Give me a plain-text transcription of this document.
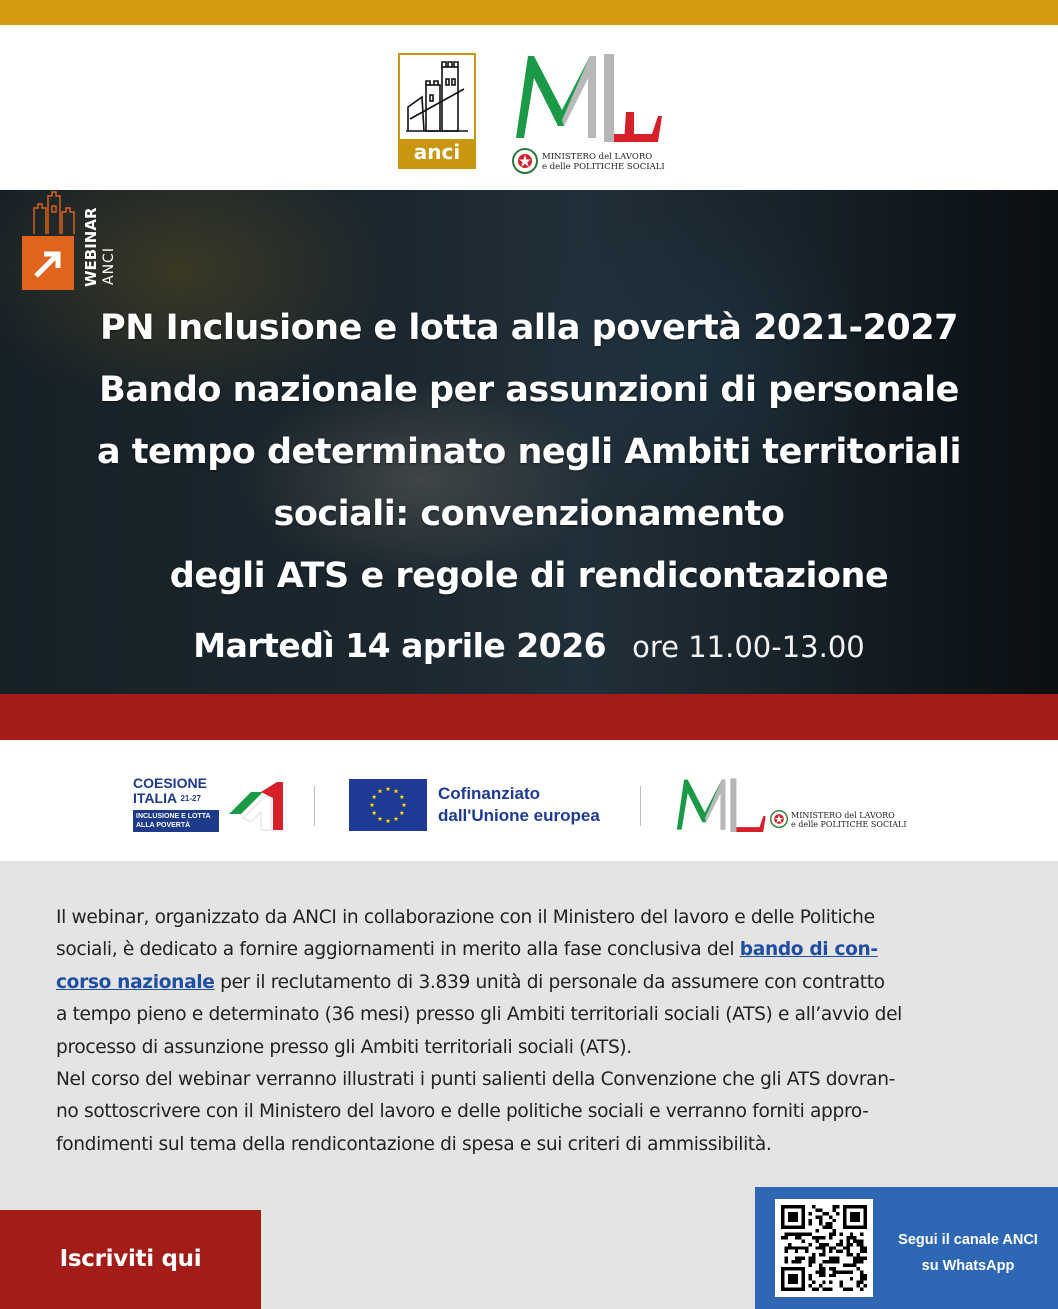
anci	MINISTERO del LAVORO
e delle POLITICHE SOCIALI
WEBINAR ANCI
PN Inclusione e lotta alla povertà 2021-2027
Bando nazionale per assunzioni di personale
a tempo determinato negli Ambiti territoriali
sociali: convenzionamento
degli ATS e regole di rendicontazione
Martedì 14 aprile 2026 ore 11.00-13.00
COESIONE
ITALIA $^{21-27}$
INCLUSIONE E LOTTA
ALLA POVERTÀ
Cofinanziato
dall'Unione europea	MINISTERO del LAVORO
e delle POLITICHE SOCIALI
Il webinar, organizzato da ANCI in collaborazione con il Ministero del lavoro e delle Politiche
sociali, è dedicato a fornire aggiornamenti in merito alla fase conclusiva del bando di con-
corso nazionale per il reclutamento di 3.839 unità di personale da assumere con contratto
a tempo pieno e determinato (36 mesi) presso gli Ambiti territoriali sociali (ATS) e all’avvio del
processo di assunzione presso gli Ambiti territoriali sociali (ATS).
Nel corso del webinar verranno illustrati i punti salienti della Convenzione che gli ATS dovran-
no sottoscrivere con il Ministero del lavoro e delle politiche sociali e verranno forniti appro-
fondimenti sul tema della rendicontazione di spesa e sui criteri di ammissibilità.
Iscriviti qui
Segui il canale ANCI
su WhatsApp
